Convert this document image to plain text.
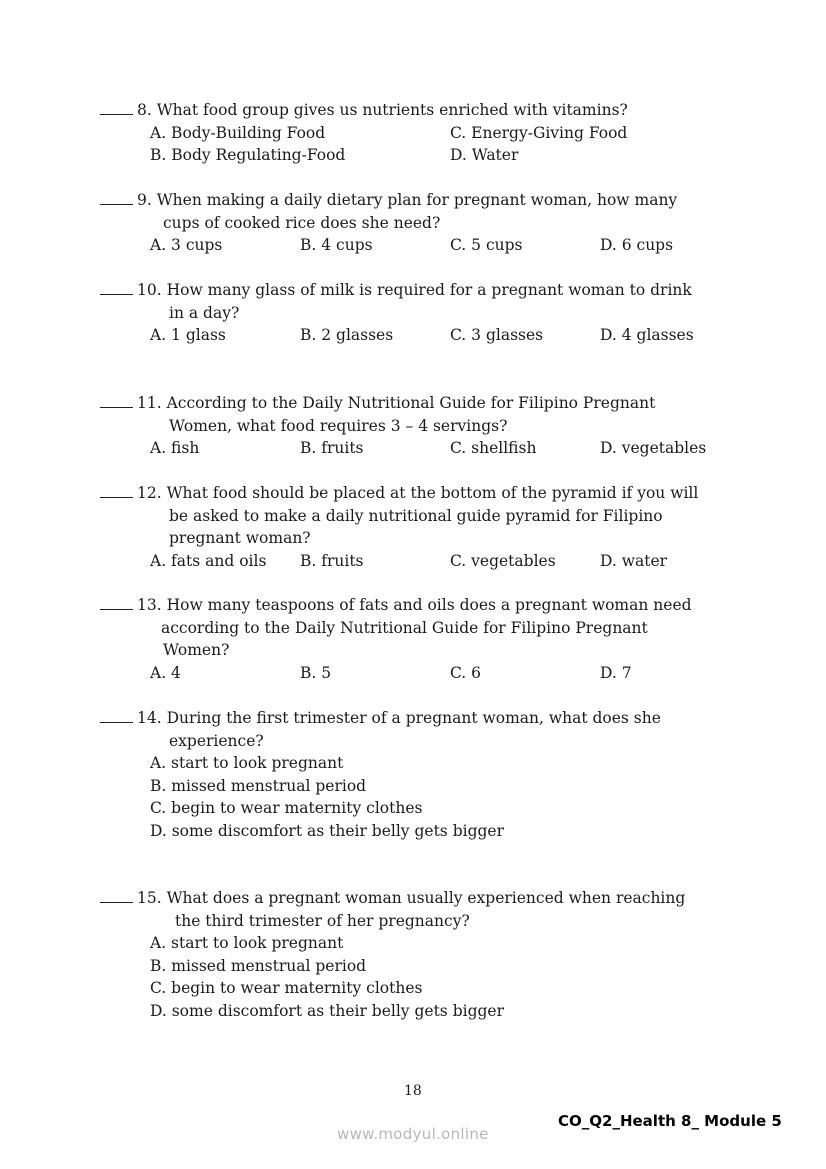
8. What food group gives us nutrients enriched with vitamins?
A. Body-Building Food	C. Energy-Giving Food
B. Body Regulating-Food	D. Water
9. When making a daily dietary plan for pregnant woman, how many
cups of cooked rice does she need?
A. 3 cups	B. 4 cups	C. 5 cups	D. 6 cups
10. How many glass of milk is required for a pregnant woman to drink
in a day?
A. 1 glass	B. 2 glasses	C. 3 glasses	D. 4 glasses
11. According to the Daily Nutritional Guide for Filipino Pregnant
Women, what food requires 3 – 4 servings?
A. fish	B. fruits	C. shellfish	D. vegetables
12. What food should be placed at the bottom of the pyramid if you will
be asked to make a daily nutritional guide pyramid for Filipino
pregnant woman?
A. fats and oils B. fruits	C. vegetables	D. water
13. How many teaspoons of fats and oils does a pregnant woman need
according to the Daily Nutritional Guide for Filipino Pregnant
Women?
A. 4	B. 5	C. 6	D. 7
14. During the first trimester of a pregnant woman, what does she
experience?
A. start to look pregnant
B. missed menstrual period
C. begin to wear maternity clothes
D. some discomfort as their belly gets bigger
15. What does a pregnant woman usually experienced when reaching
the third trimester of her pregnancy?
A. start to look pregnant
B. missed menstrual period
C. begin to wear maternity clothes
D. some discomfort as their belly gets bigger
18
CO_Q2_Health 8_ Module 5
www.modyul.online
